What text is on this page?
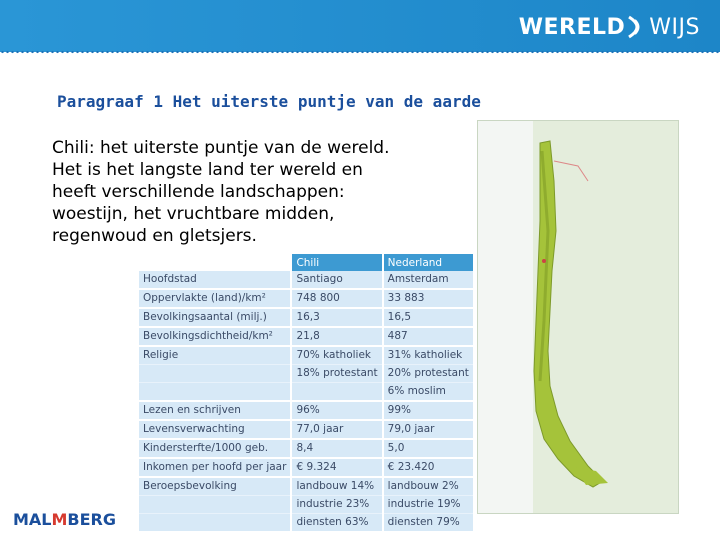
WERELD WIJS
Paragraaf 1 Het uiterste puntje van de aarde
Chili: het uiterste puntje van de wereld.
Het is het langste land ter wereld en
heeft verschillende landschappen:
woestijn, het vruchtbare midden,
regenwoud en gletsjers.
	Chili	Nederland
Hoofdstad	Santiago	Amsterdam
Oppervlakte (land)/km²	748 800	33 883
Bevolkingsaantal (milj.)	16,3	16,5
Bevolkingsdichtheid/km²	21,8	487
Religie	70% katholiek	31% katholiek
	18% protestant	20% protestant
		6% moslim
Lezen en schrijven	96%	99%
Levensverwachting	77,0 jaar	79,0 jaar
Kindersterfte/1000 geb.	8,4	5,0
Inkomen per hoofd per jaar	€ 9.324	€ 23.420
Beroepsbevolking	landbouw 14%	landbouw 2%
	industrie 23%	industrie 19%
	diensten 63%	diensten 79%
MALMBERG
